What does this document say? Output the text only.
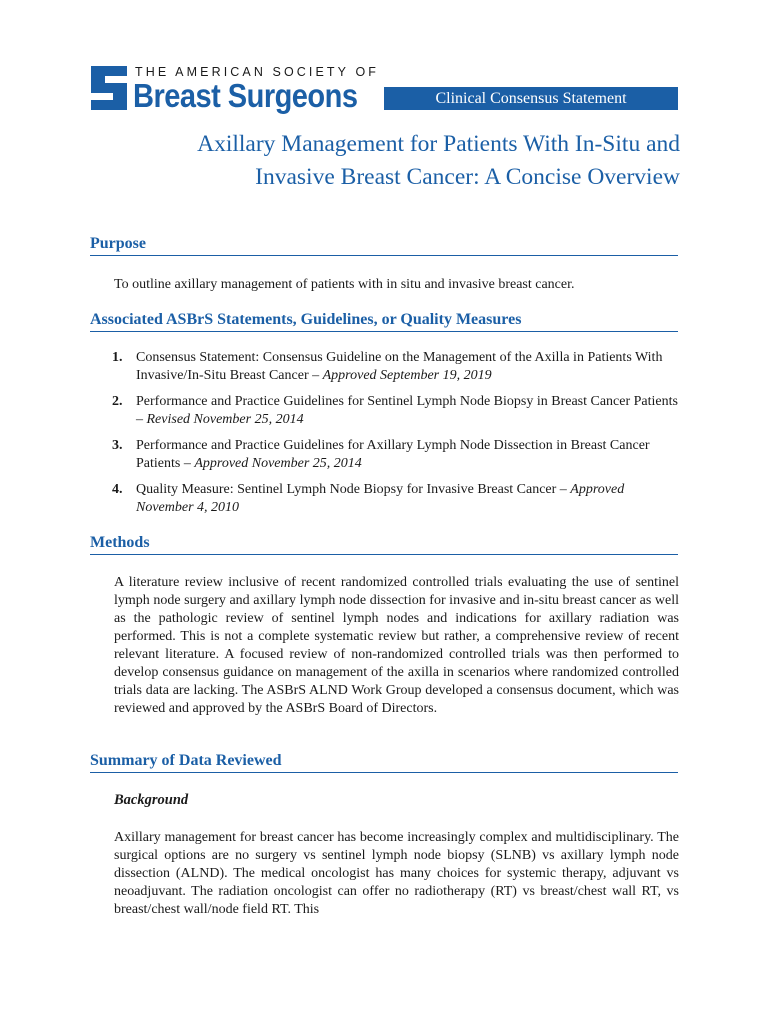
THE AMERICAN SOCIETY OF
Breast Surgeons	Clinical Consensus Statement
Axillary Management for Patients With In-Situ and
Invasive Breast Cancer: A Concise Overview
Purpose
To outline axillary management of patients with in situ and invasive breast cancer.
Associated ASBrS Statements, Guidelines, or Quality Measures
1. Consensus Statement: Consensus Guideline on the Management of the Axilla in Patients With Invasive/In-Situ Breast Cancer – Approved September 19, 2019
2. Performance and Practice Guidelines for Sentinel Lymph Node Biopsy in Breast Cancer Patients – Revised November 25, 2014
3. Performance and Practice Guidelines for Axillary Lymph Node Dissection in Breast Cancer Patients – Approved November 25, 2014
4. Quality Measure: Sentinel Lymph Node Biopsy for Invasive Breast Cancer – Approved November 4, 2010
Methods
A literature review inclusive of recent randomized controlled trials evaluating the use of sentinel lymph node surgery and axillary lymph node dissection for invasive and in-situ breast cancer as well as the pathologic review of sentinel lymph nodes and indications for axillary radiation was performed. This is not a complete systematic review but rather, a comprehensive review of recent relevant literature. A focused review of non-randomized controlled trials was then performed to develop consensus guidance on management of the axilla in scenarios where randomized controlled trials data are lacking. The ASBrS ALND Work Group developed a consensus document, which was reviewed and approved by the ASBrS Board of Directors.
Summary of Data Reviewed
Background
Axillary management for breast cancer has become increasingly complex and multidisciplinary. The surgical options are no surgery vs sentinel lymph node biopsy (SLNB) vs axillary lymph node dissection (ALND). The medical oncologist has many choices for systemic therapy, adjuvant vs neoadjuvant. The radiation oncologist can offer no radiotherapy (RT) vs breast/chest wall RT, vs breast/chest wall/node field RT. This
